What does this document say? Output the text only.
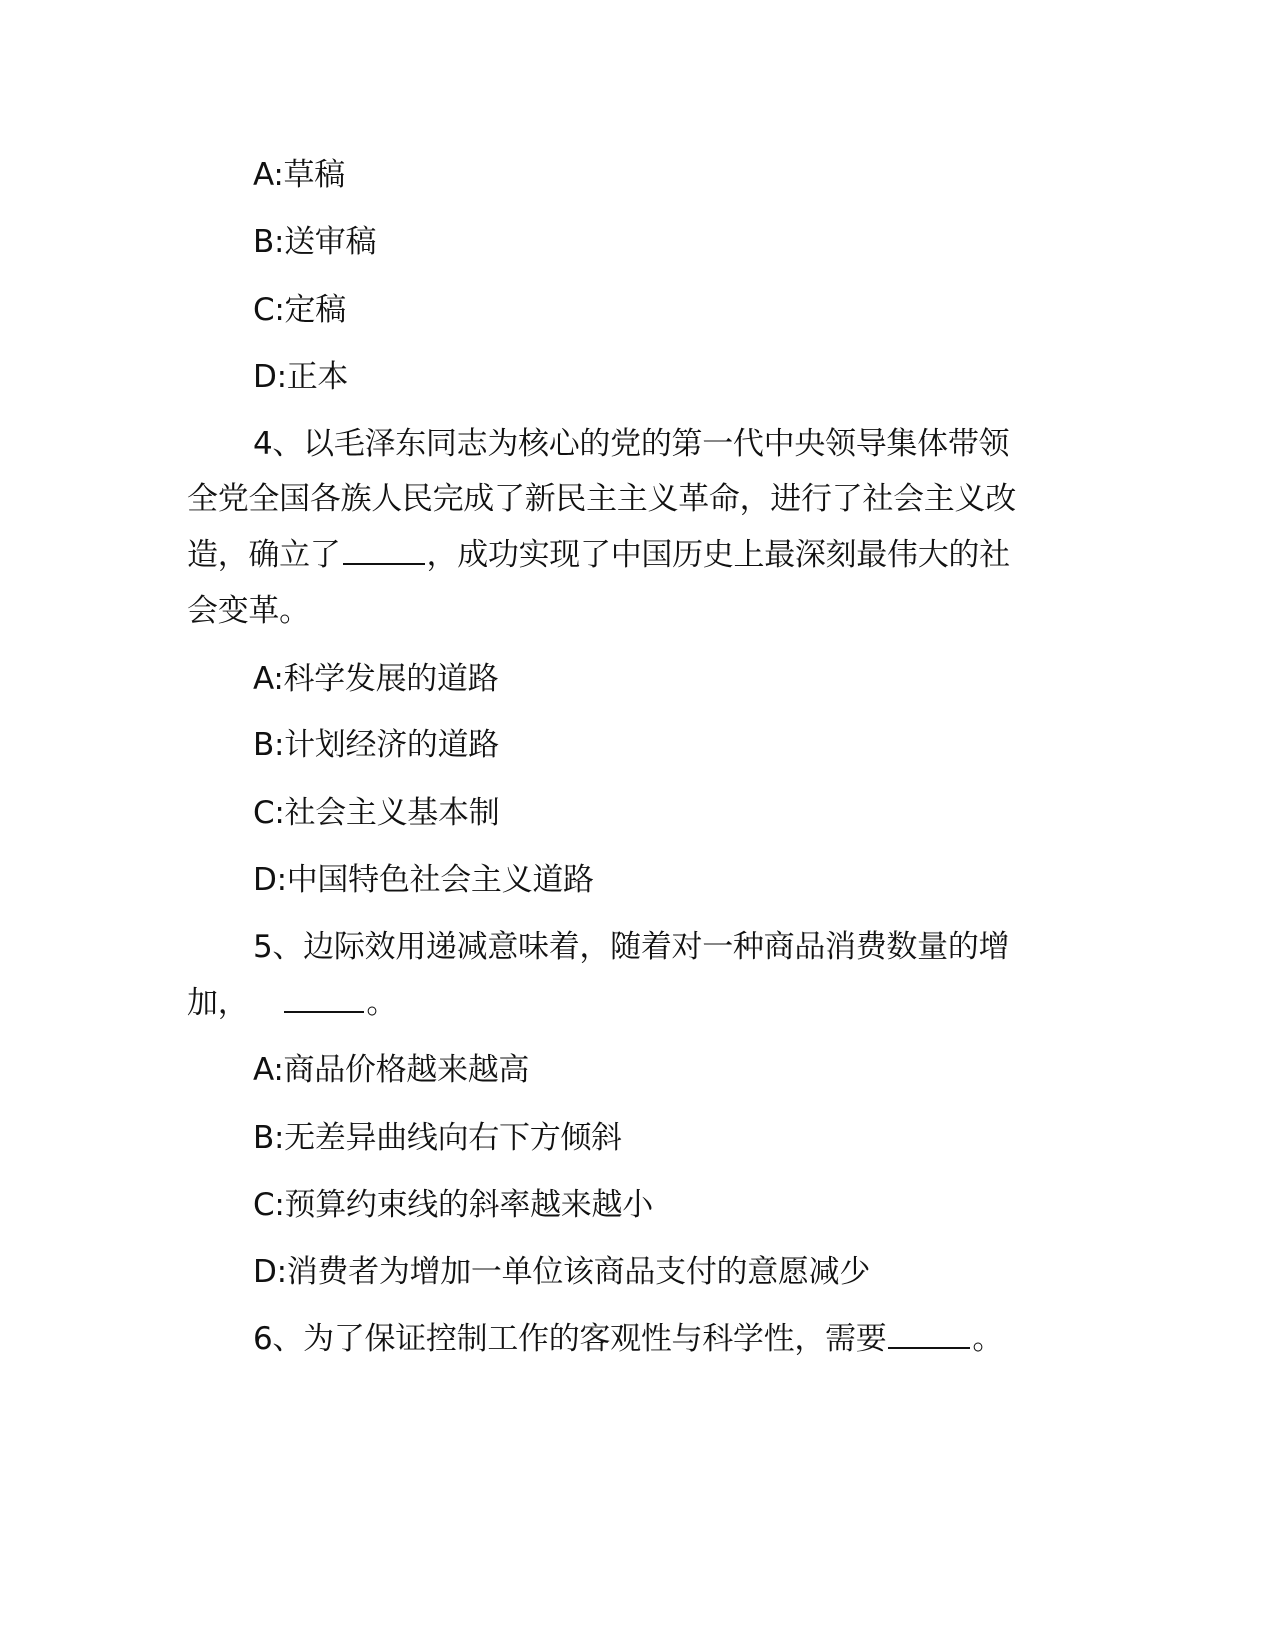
A:草稿
B:送审稿
C:定稿
D:正本
4、以毛泽东同志为核心的党的第一代中央领导集体带领
全党全国各族人民完成了新民主主义革命，进行了社会主义改
造，确立了	，成功实现了中国历史上最深刻最伟大的社
会变革。
A:科学发展的道路
B:计划经济的道路
C:社会主义基本制
D:中国特色社会主义道路
5、边际效用递减意味着，随着对一种商品消费数量的增
加，	。
A:商品价格越来越高
B:无差异曲线向右下方倾斜
C:预算约束线的斜率越来越小
D:消费者为增加一单位该商品支付的意愿减少
6、为了保证控制工作的客观性与科学性，需要	。
